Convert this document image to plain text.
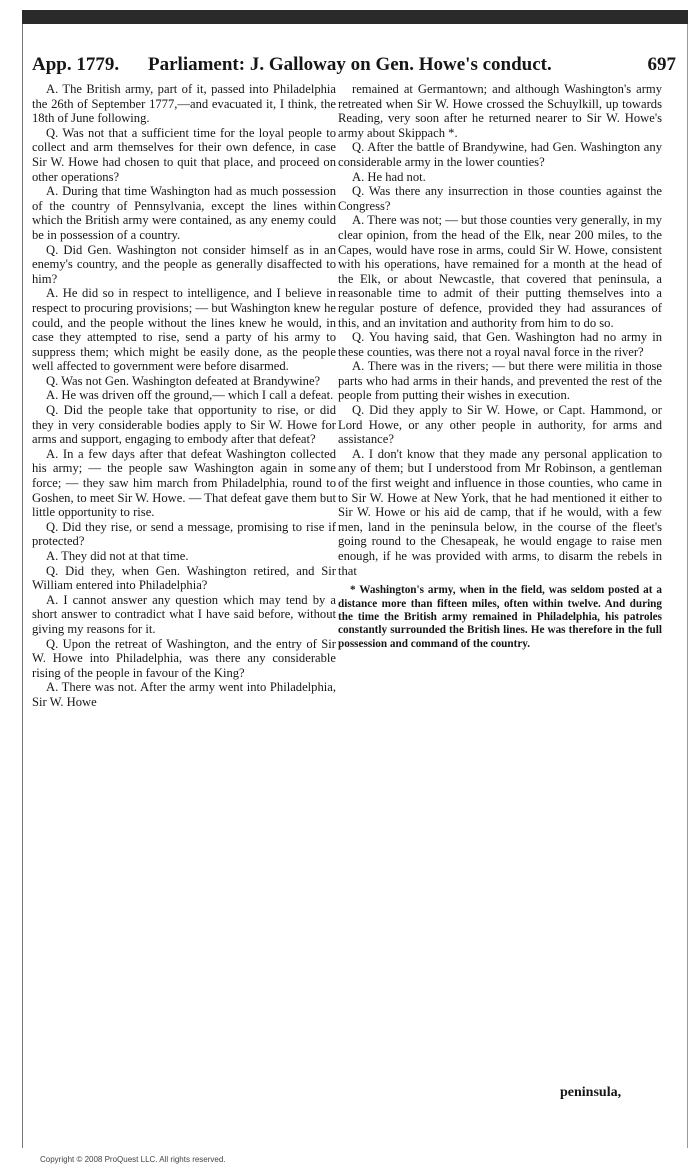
App. 1779. Parliament: J. Galloway on Gen. Howe's conduct.	697

A. The British army, part of it, passed into Philadelphia the 26th of September 1777,—and evacuated it, I think, the 18th of June following.

Q. Was not that a sufficient time for the loyal people to collect and arm themselves for their own defence, in case Sir W. Howe had chosen to quit that place, and proceed on other operations?

A. During that time Washington had as much possession of the country of Pennsylvania, except the lines within which the British army were contained, as any enemy could be in possession of a country.

Q. Did Gen. Washington not consider himself as in an enemy's country, and the people as generally disaffected to him?

A. He did so in respect to intelligence, and I believe in respect to procuring provisions; — but Washington knew he could, and the people without the lines knew he would, in case they attempted to rise, send a party of his army to suppress them; which might be easily done, as the people well affected to government were before disarmed.

Q. Was not Gen. Washington defeated at Brandywine?

A. He was driven off the ground,— which I call a defeat.

Q. Did the people take that opportunity to rise, or did they in very considerable bodies apply to Sir W. Howe for arms and support, engaging to embody after that defeat?

A. In a few days after that defeat Washington collected his army; — the people saw Washington again in some force; — they saw him march from Philadelphia, round to Goshen, to meet Sir W. Howe. — That defeat gave them but little opportunity to rise.

Q. Did they rise, or send a message, promising to rise if protected?

A. They did not at that time.

Q. Did they, when Gen. Washington retired, and Sir William entered into Philadelphia?

A. I cannot answer any question which may tend by a short answer to contradict what I have said before, without giving my reasons for it.

Q. Upon the retreat of Washington, and the entry of Sir W. Howe into Philadelphia, was there any considerable rising of the people in favour of the King?

A. There was not. After the army went into Philadelphia, Sir W. Howe

remained at Germantown; and although Washington's army retreated when Sir W. Howe crossed the Schuylkill, up towards Reading, very soon after he returned nearer to Sir W. Howe's army about Skippach *.

Q. After the battle of Brandywine, had Gen. Washington any considerable army in the lower counties?

A. He had not.

Q. Was there any insurrection in those counties against the Congress?

A. There was not; — but those counties very generally, in my clear opinion, from the head of the Elk, near 200 miles, to the Capes, would have rose in arms, could Sir W. Howe, consistent with his operations, have remained for a month at the head of the Elk, or about Newcastle, that covered that peninsula, a reasonable time to admit of their putting themselves into a regular posture of defence, provided they had assurances of this, and an invitation and authority from him to do so.

Q. You having said, that Gen. Washington had no army in these counties, was there not a royal naval force in the river?

A. There was in the rivers; — but there were militia in those parts who had arms in their hands, and prevented the rest of the people from putting their wishes in execution.

Q. Did they apply to Sir W. Howe, or Capt. Hammond, or Lord Howe, or any other people in authority, for arms and assistance?

A. I don't know that they made any personal application to any of them; but I understood from Mr Robinson, a gentleman of the first weight and influence in those counties, who came in to Sir W. Howe at New York, that he had mentioned it either to Sir W. Howe or his aid de camp, that if he would, with a few men, land in the peninsula below, in the course of the fleet's going round to the Chesapeak, he would engage to raise men enough, if he was provided with arms, to disarm the rebels in that

* Washington's army, when in the field, was seldom posted at a distance more than fifteen miles, often within twelve. And during the time the British army remained in Philadelphia, his patroles constantly surrounded the British lines. He was therefore in the full possession and command of the country.

peninsula,
Copyright © 2008 ProQuest LLC. All rights reserved.
